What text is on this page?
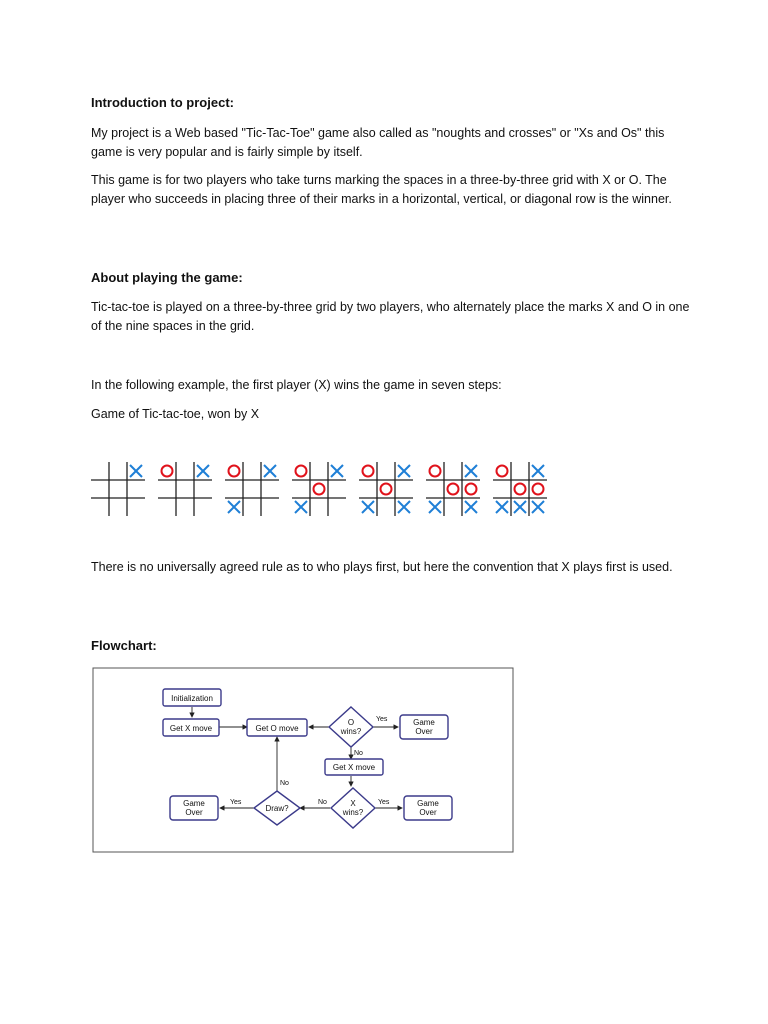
Introduction to project:

My project is a Web based "Tic-Tac-Toe" game also called as "noughts and crosses" or "Xs and Os" this game is very popular and is fairly simple by itself.

This game is for two players who take turns marking the spaces in a three-by-three grid with X or O. The player who succeeds in placing three of their marks in a horizontal, vertical, or diagonal row is the winner.

About playing the game:

Tic-tac-toe is played on a three-by-three grid by two players, who alternately place the marks X and O in one of the nine spaces in the grid.

In the following example, the first player (X) wins the game in seven steps:

Game of Tic-tac-toe, won by X

There is no universally agreed rule as to who plays first, but here the convention that X plays first is used.

Flowchart:

Initialization
Get X move	Get O move
O
wins?
Yes	Game
Over
No
Get X move
No
Game
Over
Yes
Draw?
No	X
wins?
Yes	Game
Over
